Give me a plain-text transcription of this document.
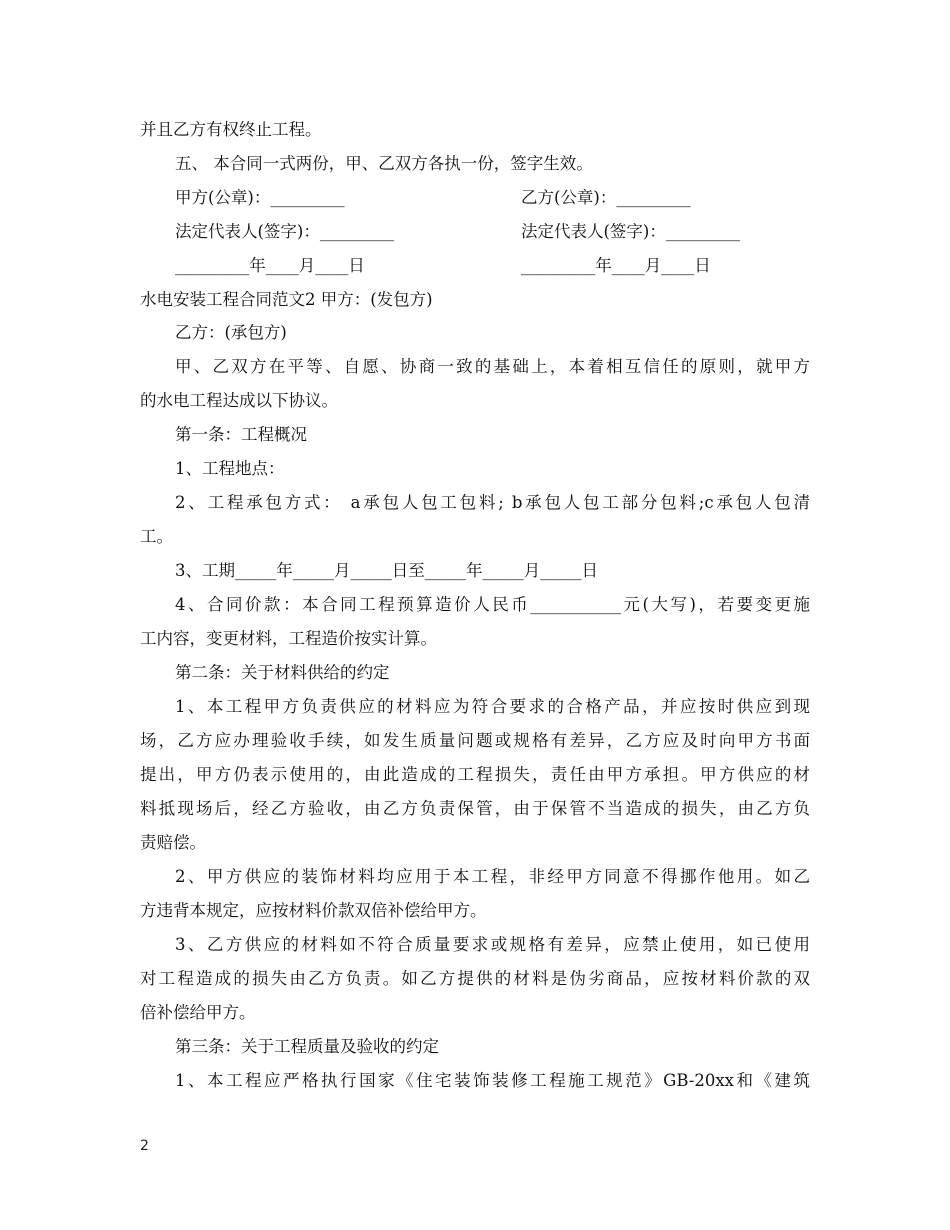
并且乙方有权终止工程。
五、 本合同一式两份，甲、乙双方各执一份，签字生效。
甲方(公章)：_________	乙方(公章)：_________
法定代表人(签字)：_________	法定代表人(签字)：_________
_________年____月____日	_________年____月____日
水电安装工程合同范文2 甲方：(发包方)
乙方：(承包方)
甲、乙双方在平等、自愿、协商一致的基础上，本着相互信任的原则，就甲方
的水电工程达成以下协议。
第一条：工程概况
1、工程地点：
2、工程承包方式： a承包人包工包料; b承包人包工部分包料;c承包人包清
工。
3、工期_____年_____月_____日至_____年_____月_____日
4、合同价款：本合同工程预算造价人民币___________元(大写)，若要变更施
工内容，变更材料，工程造价按实计算。
第二条：关于材料供给的约定
1、本工程甲方负责供应的材料应为符合要求的合格产品，并应按时供应到现
场，乙方应办理验收手续，如发生质量问题或规格有差异，乙方应及时向甲方书面
提出，甲方仍表示使用的，由此造成的工程损失，责任由甲方承担。甲方供应的材
料抵现场后，经乙方验收，由乙方负责保管，由于保管不当造成的损失，由乙方负
责赔偿。
2、甲方供应的装饰材料均应用于本工程，非经甲方同意不得挪作他用。如乙
方违背本规定，应按材料价款双倍补偿给甲方。
3、乙方供应的材料如不符合质量要求或规格有差异，应禁止使用，如已使用
对工程造成的损失由乙方负责。如乙方提供的材料是伪劣商品，应按材料价款的双
倍补偿给甲方。
第三条：关于工程质量及验收的约定
1、本工程应严格执行国家《住宅装饰装修工程施工规范》GB-20xx和《建筑
2
